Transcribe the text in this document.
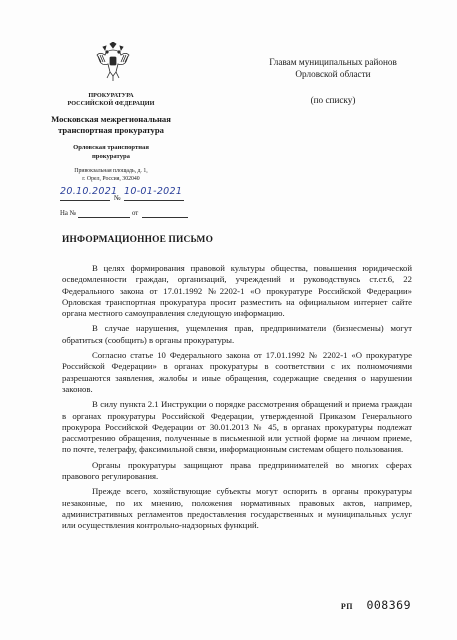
ПРОКУРАТУРА
РОССИЙСКОЙ ФЕДЕРАЦИИ
Московская межрегиональная
транспортная прокуратура
Орловская транспортная
прокуратура
Привокзальная площадь, д. 1,
г. Орел, Россия, 302040
№
20.10.2021 10-01-2021
На №	от
Главам муниципальных районов
Орловской области
(по списку)
ИНФОРМАЦИОННОЕ ПИСЬМО

В целях формирования правовой культуры общества, повышения юридической осведомленности граждан, организаций, учреждений и руководствуясь ст.ст.6, 22 Федерального закона от 17.01.1992 №2202-1 «О прокуратуре Российской Федерации» Орловская транспортная прокуратура просит разместить на официальном интернет сайте органа местного самоуправления следующую информацию.

В случае нарушения, ущемления прав, предприниматели (бизнесмены) могут обратиться (сообщить) в органы прокуратуры.

Согласно статье 10 Федерального закона от 17.01.1992 № 2202-1 «О прокуратуре Российской Федерации» в органах прокуратуры в соответствии с их полномочиями разрешаются заявления, жалобы и иные обращения, содержащие сведения о нарушении законов.

В силу пункта 2.1 Инструкции о порядке рассмотрения обращений и приема граждан в органах прокуратуры Российской Федерации, утвержденной Приказом Генерального прокурора Российской Федерации от 30.01.2013 № 45, в органах прокуратуры подлежат рассмотрению обращения, полученные в письменной или устной форме на личном приеме, по почте, телеграфу, факсимильной связи, информационным системам общего пользования.

Органы прокуратуры защищают права предпринимателей во многих сферах правового регулирования.

Прежде всего, хозяйствующие субъекты могут оспорить в органы прокуратуры незаконные, по их мнению, положения нормативных правовых актов, например, административных регламентов предоставления государственных и муниципальных услуг или осуществления контрольно-надзорных функций.

РП 008369
